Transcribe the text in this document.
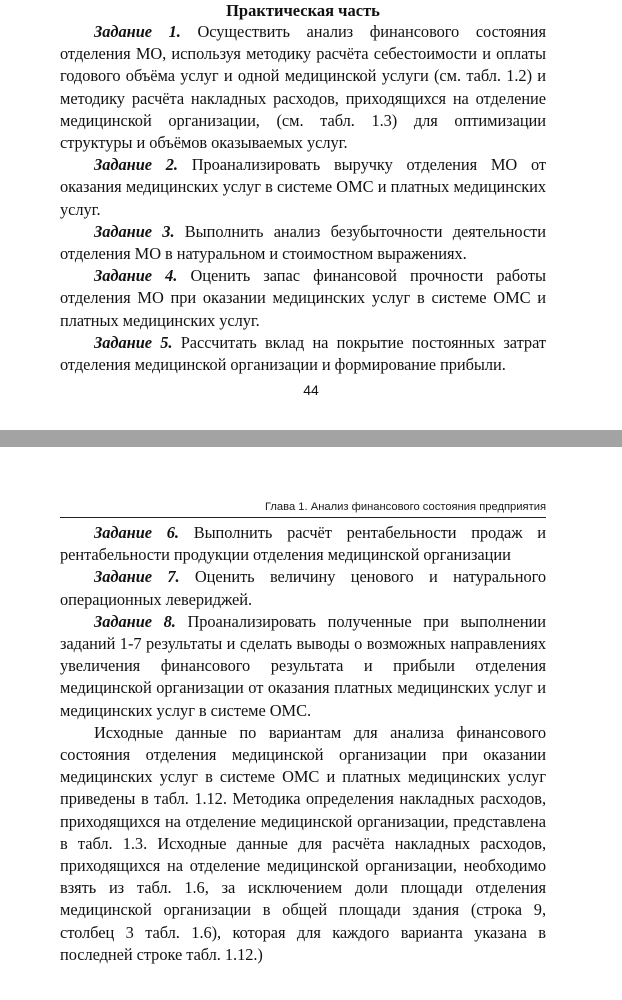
Практическая часть

Задание 1. Осуществить анализ финансового состояния отделения МО, используя методику расчёта себестоимости и оплаты годового объёма услуг и одной медицинской услуги (см. табл. 1.2) и методику расчёта накладных расходов, приходящихся на отделение медицинской организации, (см. табл. 1.3) для оптимизации структуры и объёмов оказываемых услуг.

Задание 2. Проанализировать выручку отделения МО от оказания медицинских услуг в системе ОМС и платных медицинских услуг.

Задание 3. Выполнить анализ безубыточности деятельности отделения МО в натуральном и стоимостном выражениях.

Задание 4. Оценить запас финансовой прочности работы отделения МО при оказании медицинских услуг в системе ОМС и платных медицинских услуг.

Задание 5. Рассчитать вклад на покрытие постоянных затрат отделения медицинской организации и формирование прибыли.

44
Глава 1. Анализ финансового состояния предприятия

Задание 6. Выполнить расчёт рентабельности продаж и рентабельности продукции отделения медицинской организации

Задание 7. Оценить величину ценового и натурального операционных левериджей.

Задание 8. Проанализировать полученные при выполнении заданий 1-7 результаты и сделать выводы о возможных направлениях увеличения финансового результата и прибыли отделения медицинской организации от оказания платных медицинских услуг и медицинских услуг в системе ОМС.

Исходные данные по вариантам для анализа финансового состояния отделения медицинской организации при оказании медицинских услуг в системе ОМС и платных медицинских услуг приведены в табл. 1.12. Методика определения накладных расходов, приходящихся на отделение медицинской организации, представлена в табл. 1.3. Исходные данные для расчёта накладных расходов, приходящихся на отделение медицинской организации, необходимо взять из табл. 1.6, за исключением доли площади отделения медицинской организации в общей площади здания (строка 9, столбец 3 табл. 1.6), которая для каждого варианта указана в последней строке табл. 1.12.)
